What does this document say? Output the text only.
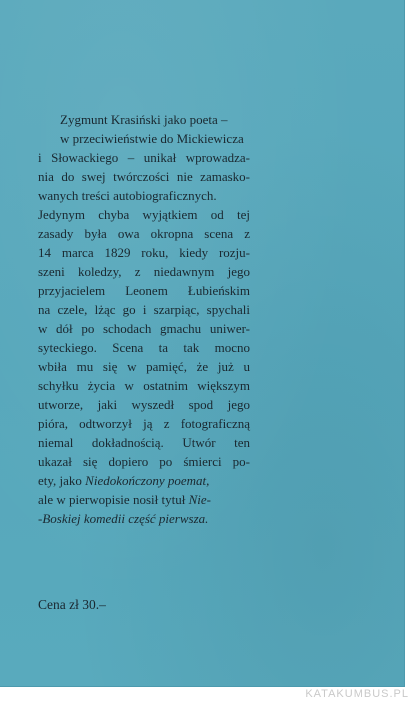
Zygmunt Krasiński jako poeta –
w przeciwieństwie do Mickiewicza
i Słowackiego – unikał wprowadza-
nia do swej twórczości nie zamasko-
wanych treści autobiograficznych.
Jedynym chyba wyjątkiem od tej
zasady była owa okropna scena z
14 marca 1829 roku, kiedy rozju-
szeni koledzy, z niedawnym jego
przyjacielem Leonem Łubieńskim
na czele, lżąc go i szarpiąc, spychali
w dół po schodach gmachu uniwer-
syteckiego. Scena ta tak mocno
wbiła mu się w pamięć, że już u
schyłku życia w ostatnim większym
utworze, jaki wyszedł spod jego
pióra, odtworzył ją z fotograficzną
niemal dokładnością. Utwór ten
ukazał się dopiero po śmierci po-
ety, jako Niedokończony poemat,
ale w pierwopisie nosił tytuł Nie-
-Boskiej komedii część pierwsza.

Cena zł 30.–

KATAKUMBUS.PL
